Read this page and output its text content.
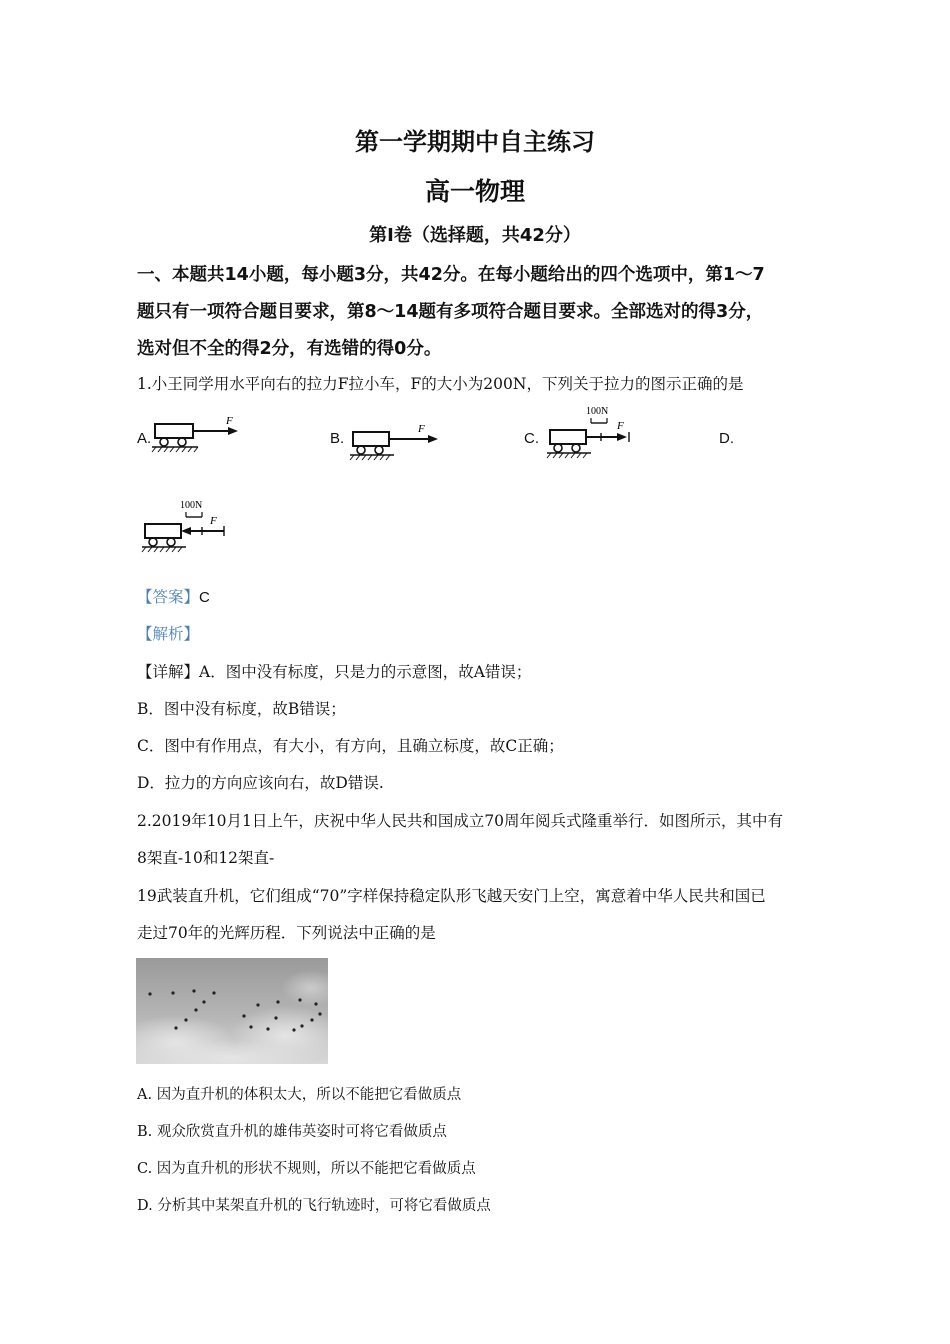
第一学期期中自主练习
高一物理
第Ⅰ卷（选择题，共42分）
一、本题共14小题，每小题3分，共42分。在每小题给出的四个选项中，第1～7
题只有一项符合题目要求，第8～14题有多项符合题目要求。全部选对的得3分，
选对但不全的得2分，有选错的得0分。
1.小王同学用水平向右的拉力F拉小车，F的大小为200N，下列关于拉力的图示正确的是
A.
F
B.
F
C.
100N
F
D.
100N
F
【答案】C
【解析】
【详解】A．图中没有标度，只是力的示意图，故A错误；
B．图中没有标度，故B错误；
C．图中有作用点，有大小，有方向，且确立标度，故C正确；
D．拉力的方向应该向右，故D错误.
2.2019年10月1日上午，庆祝中华人民共和国成立70周年阅兵式隆重举行．如图所示，其中有
8架直-10和12架直-
19武装直升机，它们组成“70”字样保持稳定队形飞越天安门上空，寓意着中华人民共和国已
走过70年的光辉历程．下列说法中正确的是
A. 因为直升机的体积太大，所以不能把它看做质点
B. 观众欣赏直升机的雄伟英姿时可将它看做质点
C. 因为直升机的形状不规则，所以不能把它看做质点
D. 分析其中某架直升机的飞行轨迹时，可将它看做质点
